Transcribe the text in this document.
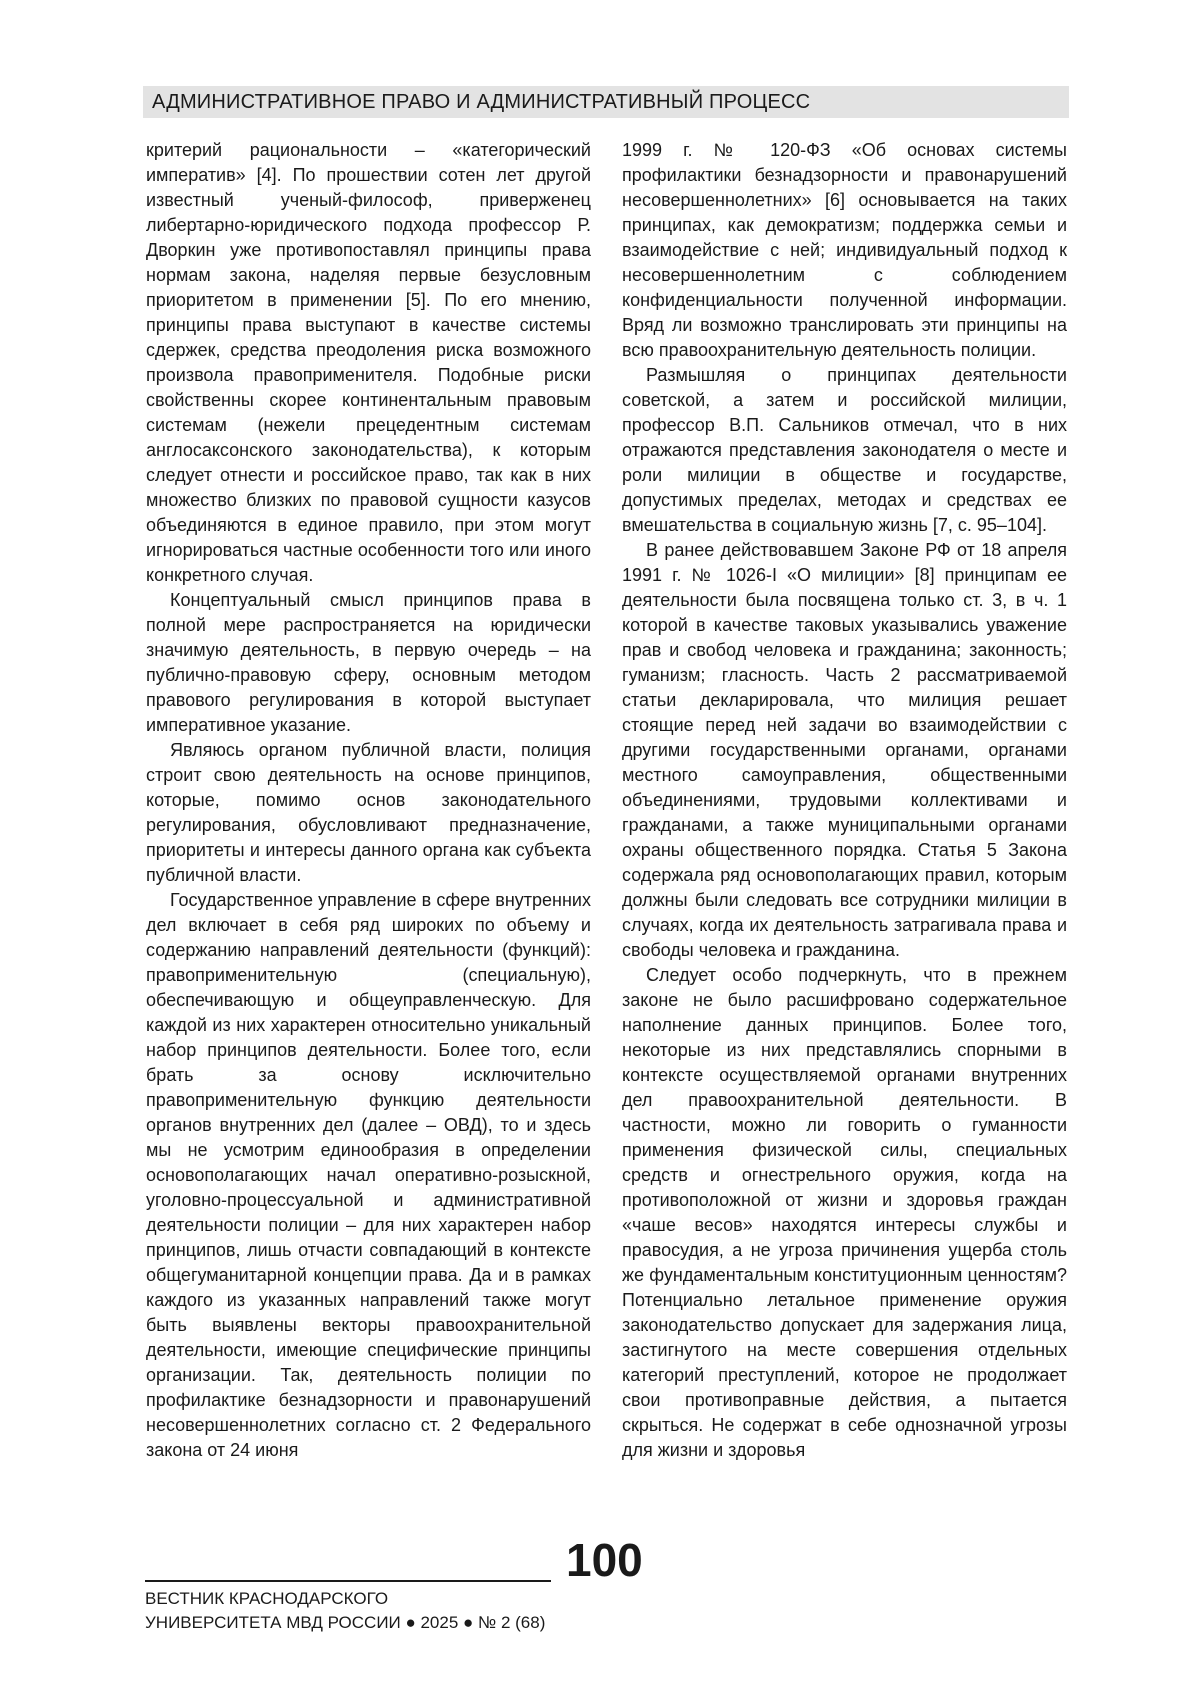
АДМИНИСТРАТИВНОЕ ПРАВО И АДМИНИСТРАТИВНЫЙ ПРОЦЕСС

критерий рациональности – «категорический императив» [4]. По прошествии сотен лет другой известный ученый-философ, приверженец либертарно-юридического подхода профессор Р. Дворкин уже противопоставлял принципы права нормам закона, наделяя первые безусловным приоритетом в применении [5]. По его мнению, принципы права выступают в качестве системы сдержек, средства преодоления риска возможного произвола правоприменителя. Подобные риски свойственны скорее континентальным правовым системам (нежели прецедентным системам англосаксонского законодательства), к которым следует отнести и российское право, так как в них множество близких по правовой сущности казусов объединяются в единое правило, при этом могут игнорироваться частные особенности того или иного конкретного случая.

Концептуальный смысл принципов права в полной мере распространяется на юридически значимую деятельность, в первую очередь – на публично-правовую сферу, основным методом правового регулирования в которой выступает императивное указание.

Являюсь органом публичной власти, полиция строит свою деятельность на основе принципов, которые, помимо основ законодательного регулирования, обусловливают предназначение, приоритеты и интересы данного органа как субъекта публичной власти.

Государственное управление в сфере внутренних дел включает в себя ряд широких по объему и содержанию направлений деятельности (функций): правоприменительную (специальную), обеспечивающую и общеуправленческую. Для каждой из них характерен относительно уникальный набор принципов деятельности. Более того, если брать за основу исключительно правоприменительную функцию деятельности органов внутренних дел (далее – ОВД), то и здесь мы не усмотрим единообразия в определении основополагающих начал оперативно-розыскной, уголовно-процессуальной и административной деятельности полиции – для них характерен набор принципов, лишь отчасти совпадающий в контексте общегуманитарной концепции права. Да и в рамках каждого из указанных направлений также могут быть выявлены векторы правоохранительной деятельности, имеющие специфические принципы организации. Так, деятельность полиции по профилактике безнадзорности и правонарушений несовершеннолетних согласно ст. 2 Федерального закона от 24 июня

1999 г. № 120-ФЗ «Об основах системы профилактики безнадзорности и правонарушений несовершеннолетних» [6] основывается на таких принципах, как демократизм; поддержка семьи и взаимодействие с ней; индивидуальный подход к несовершеннолетним с соблюдением конфиденциальности полученной информации. Вряд ли возможно транслировать эти принципы на всю правоохранительную деятельность полиции.

Размышляя о принципах деятельности советской, а затем и российской милиции, профессор В.П. Сальников отмечал, что в них отражаются представления законодателя о месте и роли милиции в обществе и государстве, допустимых пределах, методах и средствах ее вмешательства в социальную жизнь [7, с. 95–104].

В ранее действовавшем Законе РФ от 18 апреля 1991 г. № 1026-I «О милиции» [8] принципам ее деятельности была посвящена только ст. 3, в ч. 1 которой в качестве таковых указывались уважение прав и свобод человека и гражданина; законность; гуманизм; гласность. Часть 2 рассматриваемой статьи декларировала, что милиция решает стоящие перед ней задачи во взаимодействии с другими государственными органами, органами местного самоуправления, общественными объединениями, трудовыми коллективами и гражданами, а также муниципальными органами охраны общественного порядка. Статья 5 Закона содержала ряд основополагающих правил, которым должны были следовать все сотрудники милиции в случаях, когда их деятельность затрагивала права и свободы человека и гражданина.

Следует особо подчеркнуть, что в прежнем законе не было расшифровано содержательное наполнение данных принципов. Более того, некоторые из них представлялись спорными в контексте осуществляемой органами внутренних дел правоохранительной деятельности. В частности, можно ли говорить о гуманности применения физической силы, специальных средств и огнестрельного оружия, когда на противоположной от жизни и здоровья граждан «чаше весов» находятся интересы службы и правосудия, а не угроза причинения ущерба столь же фундаментальным конституционным ценностям? Потенциально летальное применение оружия законодательство допускает для задержания лица, застигнутого на месте совершения отдельных категорий преступлений, которое не продолжает свои противоправные действия, а пытается скрыться. Не содержат в себе однозначной угрозы для жизни и здоровья

100
ВЕСТНИК КРАСНОДАРСКОГО
УНИВЕРСИТЕТА МВД РОССИИ ● 2025 ● № 2 (68)
